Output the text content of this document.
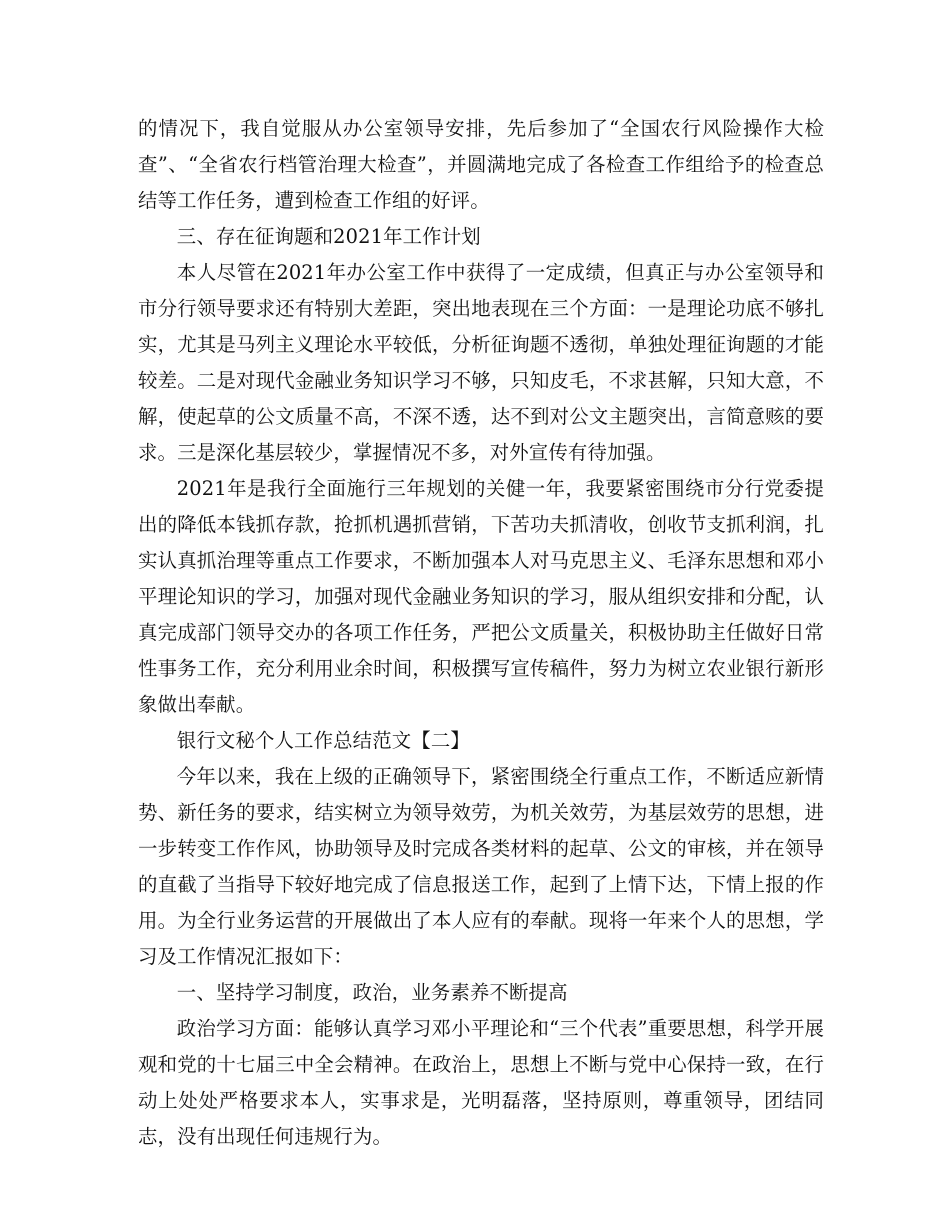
的情况下，我自觉服从办公室领导安排，先后参加了“全国农行风险操作大检查”、“全省农行档管治理大检查”，并圆满地完成了各检查工作组给予的检查总结等工作任务，遭到检查工作组的好评。

三、存在征询题和2021年工作计划

本人尽管在2021年办公室工作中获得了一定成绩，但真正与办公室领导和市分行领导要求还有特别大差距，突出地表现在三个方面：一是理论功底不够扎实，尤其是马列主义理论水平较低，分析征询题不透彻，单独处理征询题的才能较差。二是对现代金融业务知识学习不够，只知皮毛，不求甚解，只知大意，不解，使起草的公文质量不高，不深不透，达不到对公文主题突出，言简意赅的要求。三是深化基层较少，掌握情况不多，对外宣传有待加强。

2021年是我行全面施行三年规划的关健一年，我要紧密围绕市分行党委提出的降低本钱抓存款，抢抓机遇抓营销，下苦功夫抓清收，创收节支抓利润，扎实认真抓治理等重点工作要求，不断加强本人对马克思主义、毛泽东思想和邓小平理论知识的学习，加强对现代金融业务知识的学习，服从组织安排和分配，认真完成部门领导交办的各项工作任务，严把公文质量关，积极协助主任做好日常性事务工作，充分利用业余时间，积极撰写宣传稿件，努力为树立农业银行新形象做出奉献。

银行文秘个人工作总结范文【二】

今年以来，我在上级的正确领导下，紧密围绕全行重点工作，不断适应新情势、新任务的要求，结实树立为领导效劳，为机关效劳，为基层效劳的思想，进一步转变工作作风，协助领导及时完成各类材料的起草、公文的审核，并在领导的直截了当指导下较好地完成了信息报送工作，起到了上情下达，下情上报的作用。为全行业务运营的开展做出了本人应有的奉献。现将一年来个人的思想，学习及工作情况汇报如下：

一、坚持学习制度，政治，业务素养不断提高

政治学习方面：能够认真学习邓小平理论和“三个代表”重要思想，科学开展观和党的十七届三中全会精神。在政治上，思想上不断与党中心保持一致，在行动上处处严格要求本人，实事求是，光明磊落，坚持原则，尊重领导，团结同志，没有出现任何违规行为。
